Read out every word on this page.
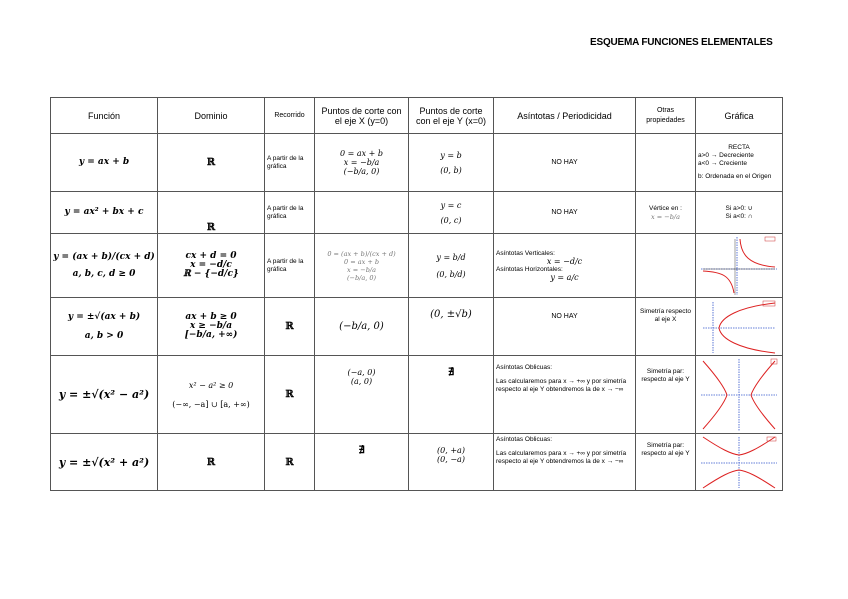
ESQUEMA FUNCIONES ELEMENTALES
Función	Dominio	Recorrido	Puntos de corte con el eje X (y=0)	Puntos de corte con el eje Y (x=0)	Asíntotas / Periodicidad	Otras propiedades	Gráfica
y = ax + b	ℝ	A partir de la gráfica	0 = ax + b
x = −b/a
(−b/a, 0)	y = b
(0, b)	NO HAY		RECTA
a>0 → Decreciente
a<0 → Creciente
b: Ordenada en el Origen

y = ax² + bx + c	ℝ	A partir de la gráfica		y = c
(0, c)	NO HAY	Vértice en :
x = −b/a	Si a>0: ∪
Si a<0: ∩

y = (ax + b)/(cx + d)
a, b, c, d ≥ 0	cx + d = 0
x = −d/c
ℝ − {−d/c}	A partir de la gráfica	0 = (ax + b)/(cx + d)
0 = ax + b
x = −b/a
(−b/a, 0)	y = b/d
(0, b/d)	Asíntotas Verticales:
x = −d/c
Asíntotas Horizontales:
y = a/c

y = ±√(ax + b)
a, b > 0	ax + b ≥ 0
x ≥ −b/a
[−b/a, +∞)	ℝ	(−b/a, 0)	(0, ±√b)	NO HAY	Simetría respecto al eje X	

y = ±√(x² − a²)	x² − a² ≥ 0
(−∞, −a] ∪ [a, +∞)	ℝ	(−a, 0)
(a, 0)	∄	Asíntotas Oblicuas:
Las calcularemos para x → +∞ y por simetría respecto al eje Y obtendremos la de x → −∞	Simetría par: respecto al eje Y	

y = ±√(x² + a²)	ℝ	ℝ	∄	(0, +a)
(0, −a)	Asíntotas Oblicuas:
Las calcularemos para x → +∞ y por simetría respecto al eje Y obtendremos la de x → −∞	Simetría par: respecto al eje Y	
